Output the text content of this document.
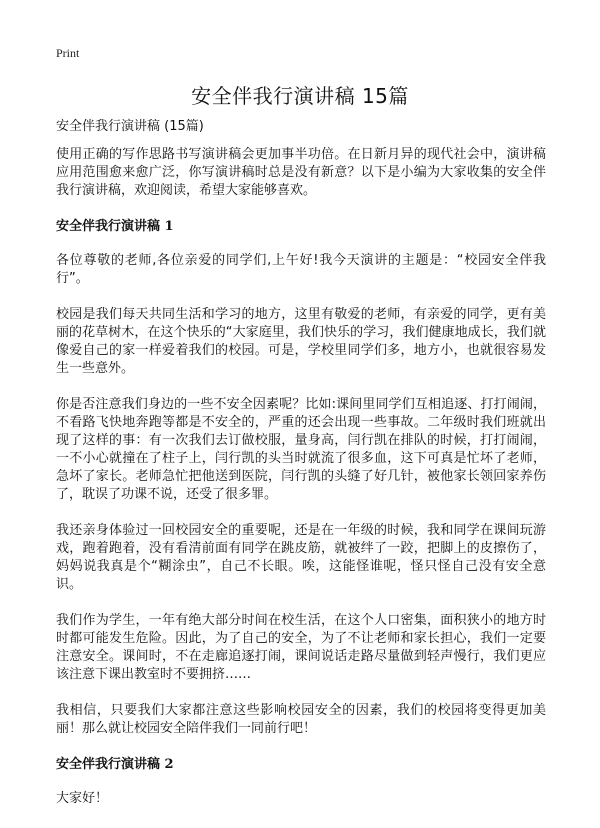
Print
安全伴我行演讲稿 15篇
安全伴我行演讲稿 (15篇)

使用正确的写作思路书写演讲稿会更加事半功倍。在日新月异的现代社会中，演讲稿应用范围愈来愈广泛，你写演讲稿时总是没有新意？以下是小编为大家收集的安全伴我行演讲稿，欢迎阅读，希望大家能够喜欢。

安全伴我行演讲稿 1

各位尊敬的老师,各位亲爱的同学们,上午好!我今天演讲的主题是：“校园安全伴我行”。

校园是我们每天共同生活和学习的地方，这里有敬爱的老师，有亲爱的同学，更有美丽的花草树木，在这个快乐的“大家庭里，我们快乐的学习，我们健康地成长，我们就像爱自己的家一样爱着我们的校园。可是，学校里同学们多，地方小，也就很容易发生一些意外。

你是否注意我们身边的一些不安全因素呢？比如:课间里同学们互相追逐、打打闹闹，不看路飞快地奔跑等都是不安全的，严重的还会出现一些事故。二年级时我们班就出现了这样的事：有一次我们去订做校服，量身高，闫行凯在排队的时候，打打闹闹，一不小心就撞在了柱子上，闫行凯的头当时就流了很多血，这下可真是忙坏了老师，急坏了家长。老师急忙把他送到医院，闫行凯的头缝了好几针，被他家长领回家养伤了，耽误了功课不说，还受了很多罪。

我还亲身体验过一回校园安全的重要呢，还是在一年级的时候，我和同学在课间玩游戏，跑着跑着，没有看清前面有同学在跳皮筋，就被绊了一跤，把脚上的皮擦伤了，妈妈说我真是个“糊涂虫”，自己不长眼。唉，这能怪谁呢，怪只怪自己没有安全意识。

我们作为学生，一年有绝大部分时间在校生活，在这个人口密集，面积狭小的地方时时都可能发生危险。因此，为了自己的安全，为了不让老师和家长担心，我们一定要注意安全。课间时，不在走廊追逐打闹，课间说话走路尽量做到轻声慢行，我们更应该注意下课出教室时不要拥挤……

我相信，只要我们大家都注意这些影响校园安全的因素，我们的校园将变得更加美丽！那么就让校园安全陪伴我们一同前行吧！

安全伴我行演讲稿 2

大家好！
